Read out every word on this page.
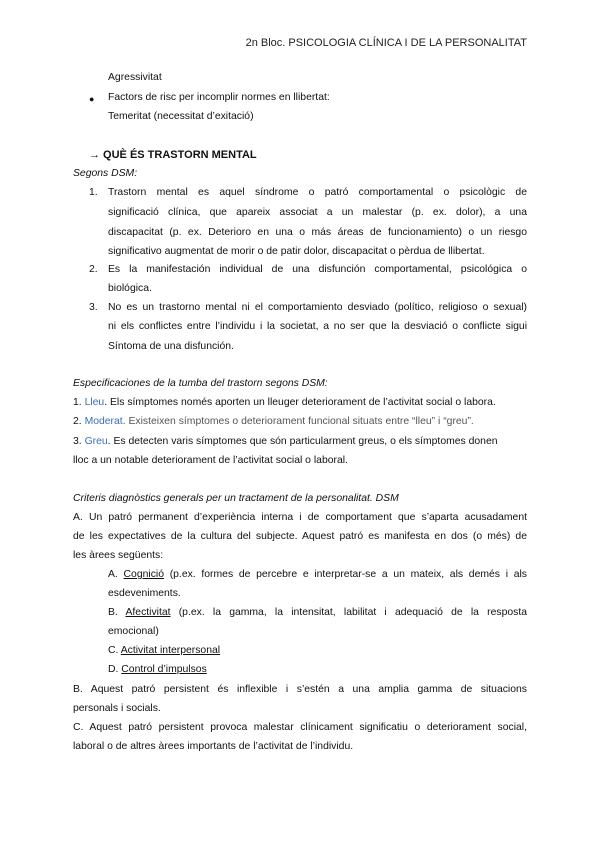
2n Bloc. PSICOLOGIA CLÍNICA I DE LA PERSONALITAT
Agressivitat
● Factors de risc per incomplir normes en llibertat:
Temeritat (necessitat d’exitació)
→ QUÈ ÉS TRASTORN MENTAL
Segons DSM:
1. Trastorn mental es aquel síndrome o patró comportamental o psicològic de
significació clínica, que apareix associat a un malestar (p. ex. dolor), a una
discapacitat (p. ex. Deterioro en una o más áreas de funcionamiento) o un riesgo
significativo augmentat de morir o de patir dolor, discapacitat o pèrdua de llibertat.
2. Es la manifestación individual de una disfunción comportamental, psicológica o
biológica.
3. No es un trastorno mental ni el comportamiento desviado (político, religioso o sexual)
ni els conflictes entre l’individu i la societat, a no ser que la desviació o conflicte sigui
Síntoma de una disfunción.
Especificaciones de la tumba del trastorn segons DSM:
1. Lleu. Els símptomes només aporten un lleuger deteriorament de l’activitat social o labora.
2. Moderat. Existeixen símptomes o deteriorament funcional situats entre “lleu” i “greu”.
3. Greu. Es detecten varis símptomes que són particularment greus, o els símptomes donen
lloc a un notable deteriorament de l’activitat social o laboral.
Criteris diagnòstics generals per un tractament de la personalitat. DSM
A. Un patró permanent d’experiència interna i de comportament que s’aparta acusadament
de les expectatives de la cultura del subjecte. Aquest patró es manifesta en dos (o més) de
les àrees següents:
A. Cognició (p.ex. formes de percebre e interpretar-se a un mateix, als demés i als
esdeveniments.
B. Afectivitat (p.ex. la gamma, la intensitat, labilitat i adequació de la resposta
emocional)
C. Activitat interpersonal
D. Control d’impulsos
B. Aquest patró persistent és inflexible i s’estén a una amplia gamma de situacions
personals i socials.
C. Aquest patró persistent provoca malestar clínicament significatiu o deteriorament social,
laboral o de altres àrees importants de l’activitat de l’individu.
